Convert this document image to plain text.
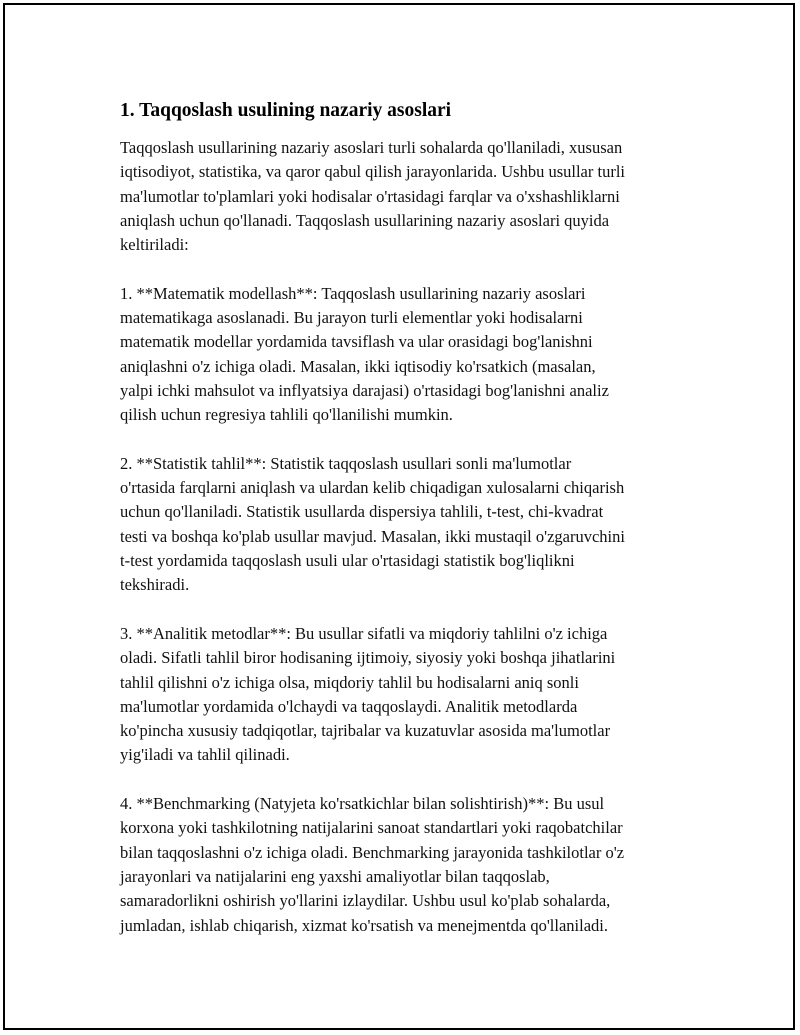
1. Taqqoslash usulining nazariy asoslari
Taqqoslash usullarining nazariy asoslari turli sohalarda qo'llaniladi, xususan
iqtisodiyot, statistika, va qaror qabul qilish jarayonlarida. Ushbu usullar turli
ma'lumotlar to'plamlari yoki hodisalar o'rtasidagi farqlar va o'xshashliklarni
aniqlash uchun qo'llanadi. Taqqoslash usullarining nazariy asoslari quyida
keltiriladi:
1. **Matematik modellash**: Taqqoslash usullarining nazariy asoslari
matematikaga asoslanadi. Bu jarayon turli elementlar yoki hodisalarni
matematik modellar yordamida tavsiflash va ular orasidagi bog'lanishni
aniqlashni o'z ichiga oladi. Masalan, ikki iqtisodiy ko'rsatkich (masalan,
yalpi ichki mahsulot va inflyatsiya darajasi) o'rtasidagi bog'lanishni analiz
qilish uchun regresiya tahlili qo'llanilishi mumkin.
2. **Statistik tahlil**: Statistik taqqoslash usullari sonli ma'lumotlar
o'rtasida farqlarni aniqlash va ulardan kelib chiqadigan xulosalarni chiqarish
uchun qo'llaniladi. Statistik usullarda dispersiya tahlili, t-test, chi-kvadrat
testi va boshqa ko'plab usullar mavjud. Masalan, ikki mustaqil o'zgaruvchini
t-test yordamida taqqoslash usuli ular o'rtasidagi statistik bog'liqlikni
tekshiradi.
3. **Analitik metodlar**: Bu usullar sifatli va miqdoriy tahlilni o'z ichiga
oladi. Sifatli tahlil biror hodisaning ijtimoiy, siyosiy yoki boshqa jihatlarini
tahlil qilishni o'z ichiga olsa, miqdoriy tahlil bu hodisalarni aniq sonli
ma'lumotlar yordamida o'lchaydi va taqqoslaydi. Analitik metodlarda
ko'pincha xususiy tadqiqotlar, tajribalar va kuzatuvlar asosida ma'lumotlar
yig'iladi va tahlil qilinadi.
4. **Benchmarking (Natyjeta ko'rsatkichlar bilan solishtirish)**: Bu usul
korxona yoki tashkilotning natijalarini sanoat standartlari yoki raqobatchilar
bilan taqqoslashni o'z ichiga oladi. Benchmarking jarayonida tashkilotlar o'z
jarayonlari va natijalarini eng yaxshi amaliyotlar bilan taqqoslab,
samaradorlikni oshirish yo'llarini izlaydilar. Ushbu usul ko'plab sohalarda,
jumladan, ishlab chiqarish, xizmat ko'rsatish va menejmentda qo'llaniladi.
